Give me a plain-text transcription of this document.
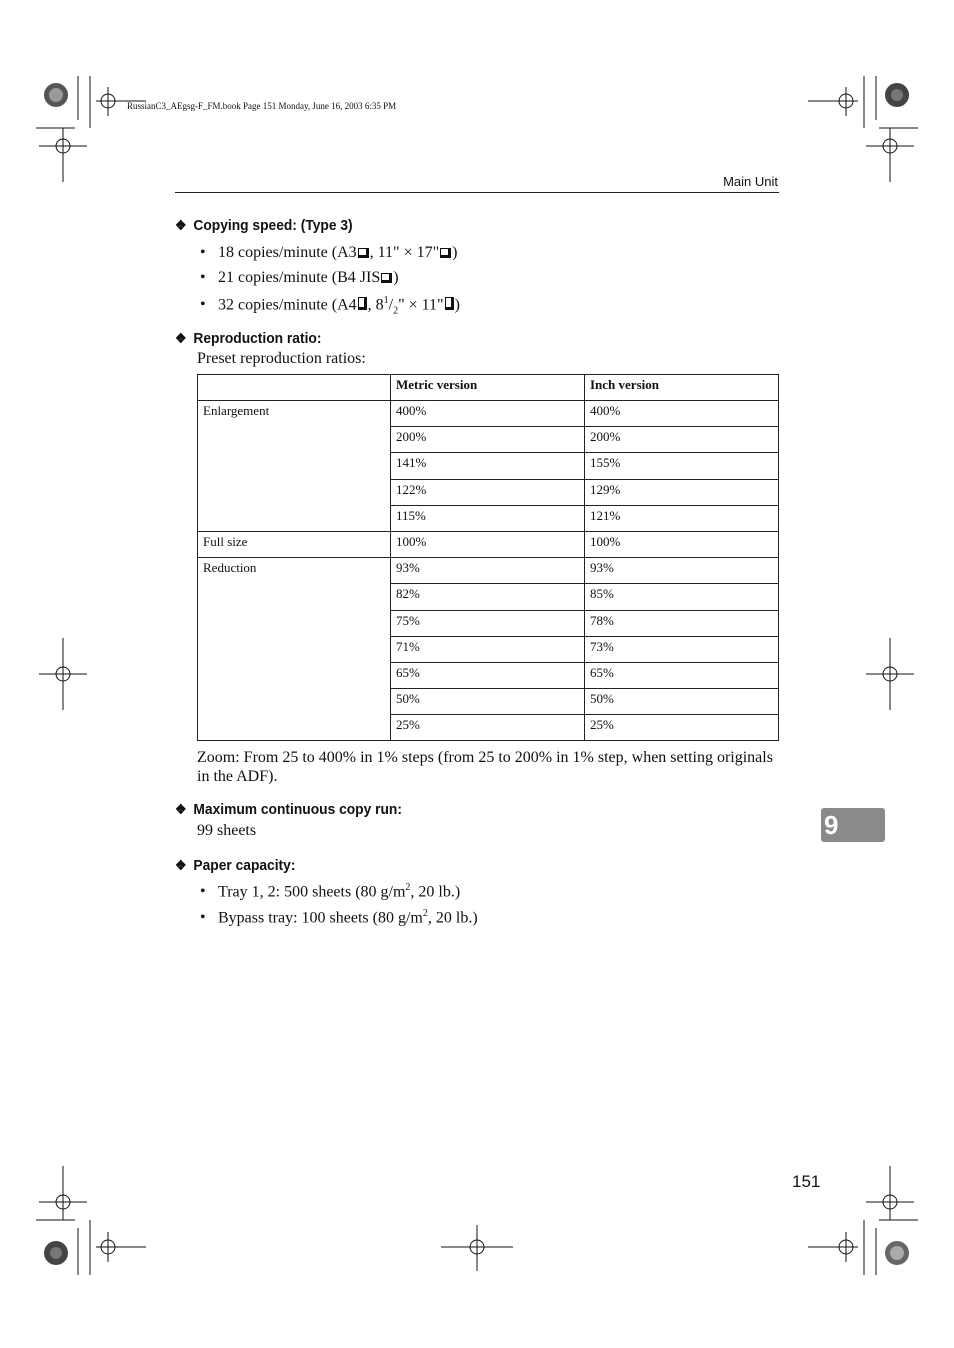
RussianC3_AEgsg-F_FM.book Page 151 Monday, June 16, 2003 6:35 PM
Main Unit
❖ Copying speed: (Type 3)
• 18 copies/minute (A3 , 11" × 17" )
• 21 copies/minute (B4 JIS )
• 32 copies/minute (A4 , $8^1/_2$" × 11" )
❖ Reproduction ratio:
Preset reproduction ratios:
	Metric version	Inch version
Enlargement	400%	400%
	200%	200%
	141%	155%
	122%	129%
	115%	121%
Full size	100%	100%
Reduction	93%	93%
	82%	85%
	75%	78%
	71%	73%
	65%	65%
	50%	50%
	25%	25%
Zoom: From 25 to 400% in 1% steps (from 25 to 200% in 1% step, when setting originals in the ADF).
❖ Maximum continuous copy run:
99 sheets
❖ Paper capacity:
• Tray 1, 2: 500 sheets (80 $g/m^2$, 20 lb.)
• Bypass tray: 100 sheets (80 $g/m^2$, 20 lb.)
9
151
